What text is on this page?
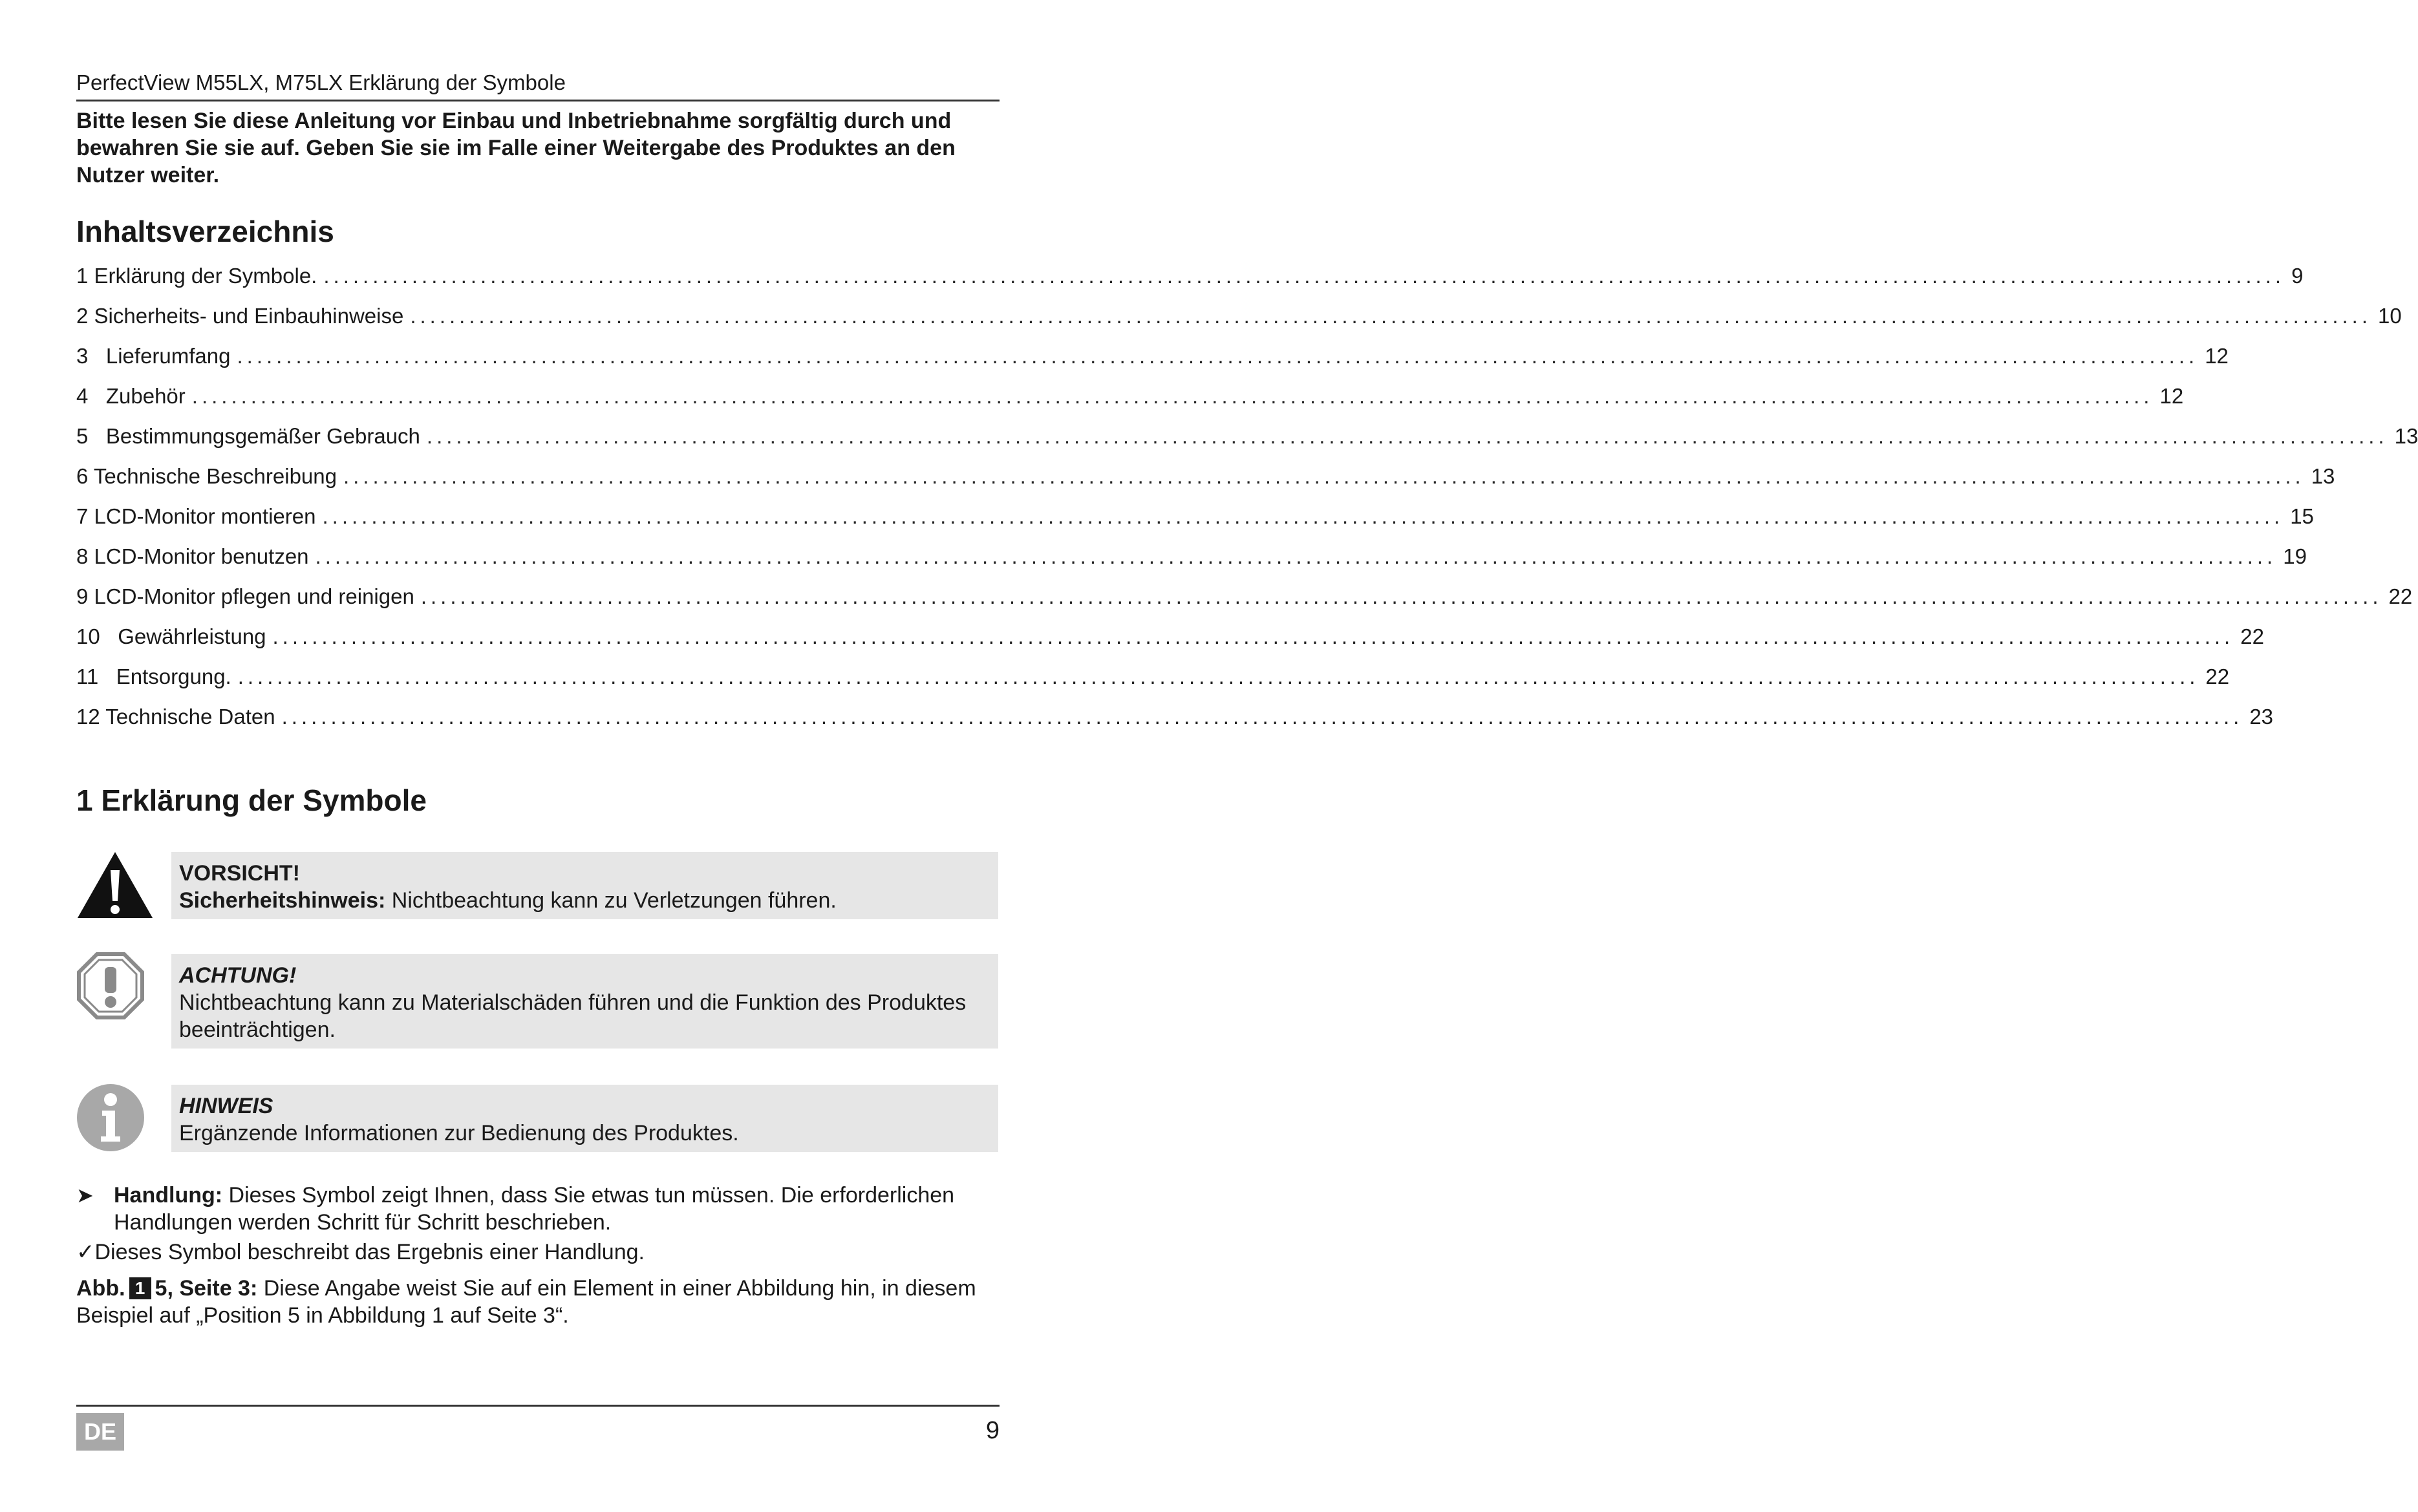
PerfectView M55LX, M75LX Erklärung der Symbole
Bitte lesen Sie diese Anleitung vor Einbau und Inbetriebnahme sorgfältig durch und bewahren Sie sie auf. Geben Sie sie im Falle einer Weitergabe des Produktes an den Nutzer weiter.
Inhaltsverzeichnis
1 Erklärung der Symbole. ........................................................................................................................................................................................................ 9
2 Sicherheits- und Einbauhinweise ........................................................................................................................................................................................................ 10
3   Lieferumfang ........................................................................................................................................................................................................ 12
4   Zubehör ........................................................................................................................................................................................................ 12
5   Bestimmungsgemäßer Gebrauch ........................................................................................................................................................................................................ 13
6 Technische Beschreibung ........................................................................................................................................................................................................ 13
7 LCD-Monitor montieren ........................................................................................................................................................................................................ 15
8 LCD-Monitor benutzen ........................................................................................................................................................................................................ 19
9 LCD-Monitor pflegen und reinigen ........................................................................................................................................................................................................ 22
10   Gewährleistung ........................................................................................................................................................................................................ 22
11   Entsorgung. ........................................................................................................................................................................................................ 22
12 Technische Daten ........................................................................................................................................................................................................ 23
1 Erklärung der Symbole
VORSICHT!
Sicherheitshinweis: Nichtbeachtung kann zu Verletzungen führen.
ACHTUNG!
Nichtbeachtung kann zu Materialschäden führen und die Funktion des Produktes beeinträchtigen.
HINWEIS
Ergänzende Informationen zur Bedienung des Produktes.
➤ Handlung: Dieses Symbol zeigt Ihnen, dass Sie etwas tun müssen. Die erforderlichen Handlungen werden Schritt für Schritt beschrieben.
✓Dieses Symbol beschreibt das Ergebnis einer Handlung.
Abb. 1 5, Seite 3: Diese Angabe weist Sie auf ein Element in einer Abbildung hin, in diesem Beispiel auf „Position 5 in Abbildung 1 auf Seite 3“.
DE	9
